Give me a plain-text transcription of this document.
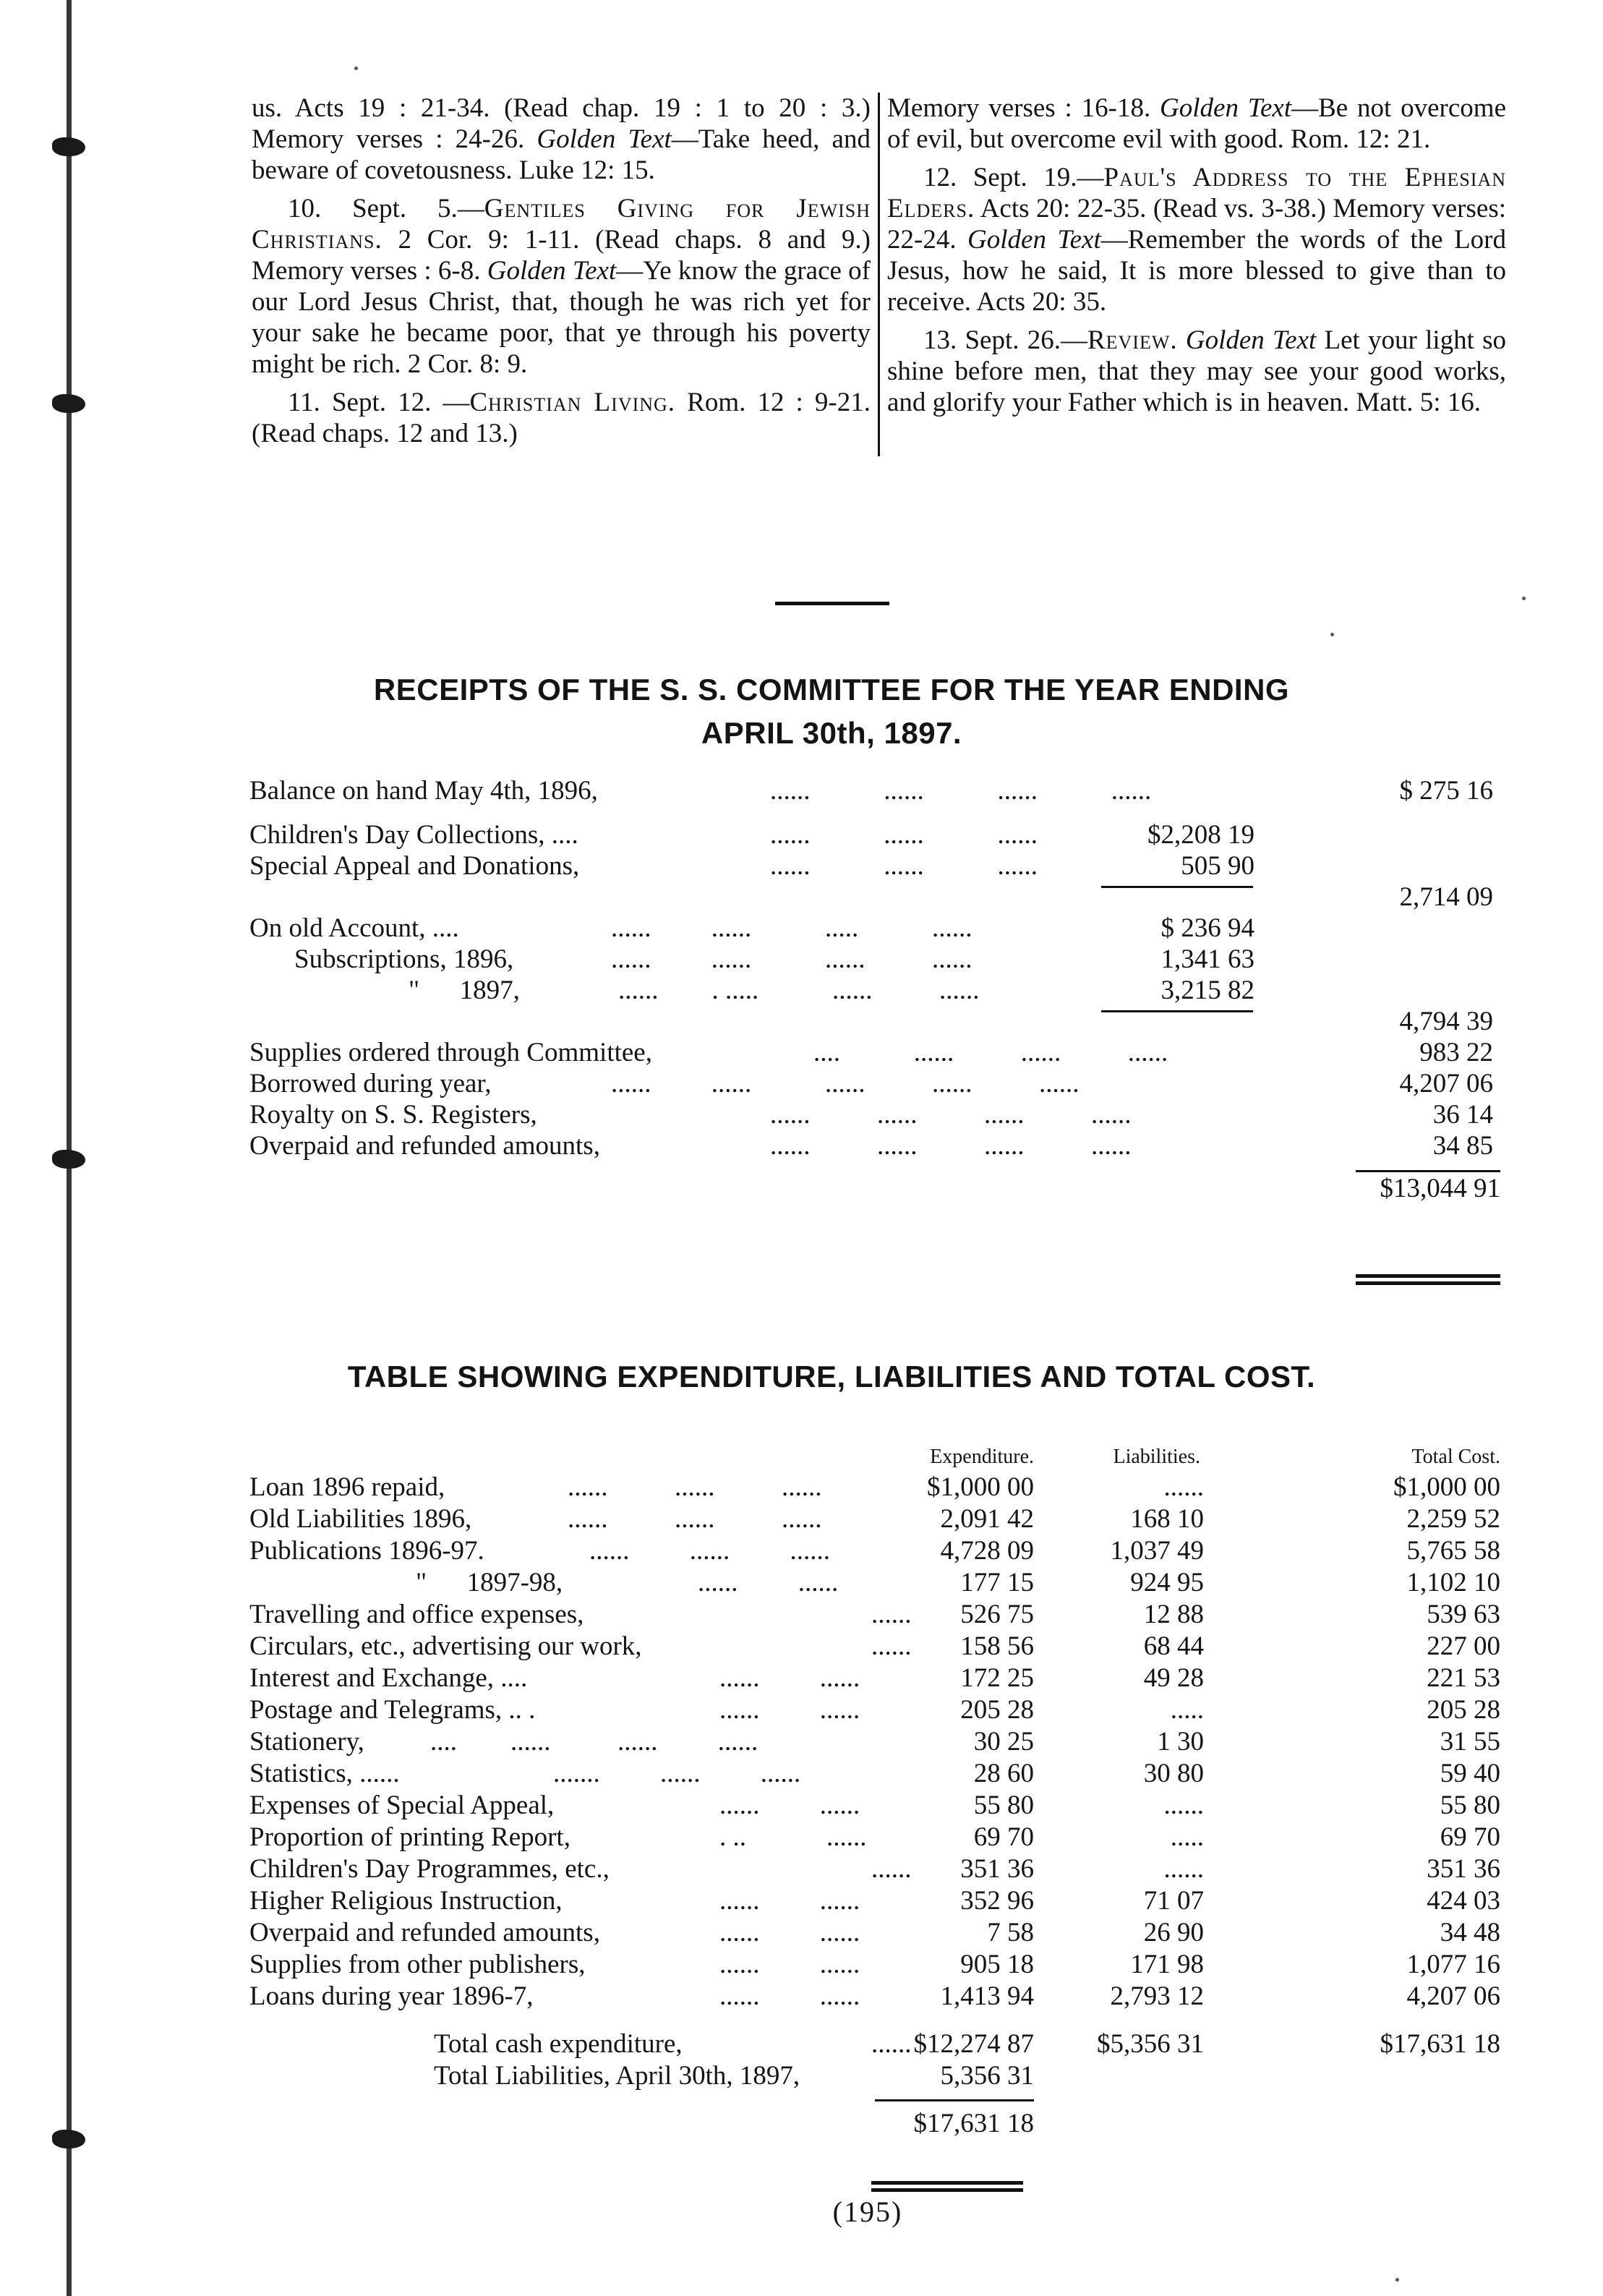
us. Acts 19 : 21-34. (Read chap. 19 : 1 to 20 : 3.) Memory verses : 24-26. Golden Text—Take heed, and beware of covetousness. Luke 12: 15.

10. Sept. 5.—Gentiles Giving for Jewish Christians. 2 Cor. 9: 1-11. (Read chaps. 8 and 9.) Memory verses : 6-8. Golden Text—Ye know the grace of our Lord Jesus Christ, that, though he was rich yet for your sake he became poor, that ye through his poverty might be rich. 2 Cor. 8: 9.

11. Sept. 12. —Christian Living. Rom. 12 : 9-21. (Read chaps. 12 and 13.)

Memory verses : 16-18. Golden Text—Be not overcome of evil, but overcome evil with good. Rom. 12: 21.

12. Sept. 19.—Paul's Address to the Ephesian Elders. Acts 20: 22-35. (Read vs. 3-38.) Memory verses: 22-24. Golden Text—Remember the words of the Lord Jesus, how he said, It is more blessed to give than to receive. Acts 20: 35.

13. Sept. 26.—Review. Golden Text Let your light so shine before men, that they may see your good works, and glorify your Father which is in heaven. Matt. 5: 16.

RECEIPTS OF THE S. S. COMMITTEE FOR THE YEAR ENDING
APRIL 30th, 1897.
Balance on hand May 4th, 1896,	......           ......           ......           ......	$ 275 16
Children's Day Collections, ....	......           ......           ......	$2,208 19
Special Appeal and Donations,	......           ......           ......	505 90
2,714 09
On old Account, ....	......         ......           .....           ......	$ 236 94
Subscriptions, 1896,	......         ......           ......          ......	1,341 63
"      1897,	......        . .....           ......          ......	3,215 82
4,794 39
Supplies ordered through Committee,	....           ......          ......          ......	983 22
Borrowed during year,	......         ......           ......          ......          ......	4,207 06
Royalty on S. S. Registers,	......          ......          ......          ......	36 14
Overpaid and refunded amounts,	......          ......          ......          ......	34 85
$13,044 91
TABLE SHOWING EXPENDITURE, LIABILITIES AND TOTAL COST.
Expenditure.	Liabilities.	Total Cost.
Loan 1896 repaid,	......          ......          ......	$1,000 00	......	$1,000 00
Old Liabilities 1896,	......          ......          ......	2,091 42	168 10	2,259 52
Publications 1896-97.	......         ......         ......	4,728 09	1,037 49	5,765 58
"      1897-98,	......         ......	177 15	924 95	1,102 10
Travelling and office expenses,	...... 526 75	12 88	539 63
Circulars, etc., advertising our work,	...... 158 56	68 44	227 00
Interest and Exchange, ....	......         ......	172 25	49 28	221 53
Postage and Telegrams, .. .	......         ......	205 28	.....	205 28
Stationery, ....        ......          ......         ......	30 25	1 30	31 55
Statistics, ......	.......         ......         ......	28 60	30 80	59 40
Expenses of Special Appeal,	......         ......	55 80	......	55 80
Proportion of printing Report,	. ..            ......	69 70	.....	69 70
Children's Day Programmes, etc.,	...... 351 36	......	351 36
Higher Religious Instruction,	......         ......	352 96	71 07	424 03
Overpaid and refunded amounts,	......         ......	7 58	26 90	34 48
Supplies from other publishers,	......         ......	905 18	171 98	1,077 16
Loans during year 1896-7,	......         ......	1,413 94	2,793 12	4,207 06
Total cash expenditure,	...... $12,274 87 $5,356 31	$17,631 18
Total Liabilities, April 30th, 1897,	5,356 31
$17,631 18
(195)
